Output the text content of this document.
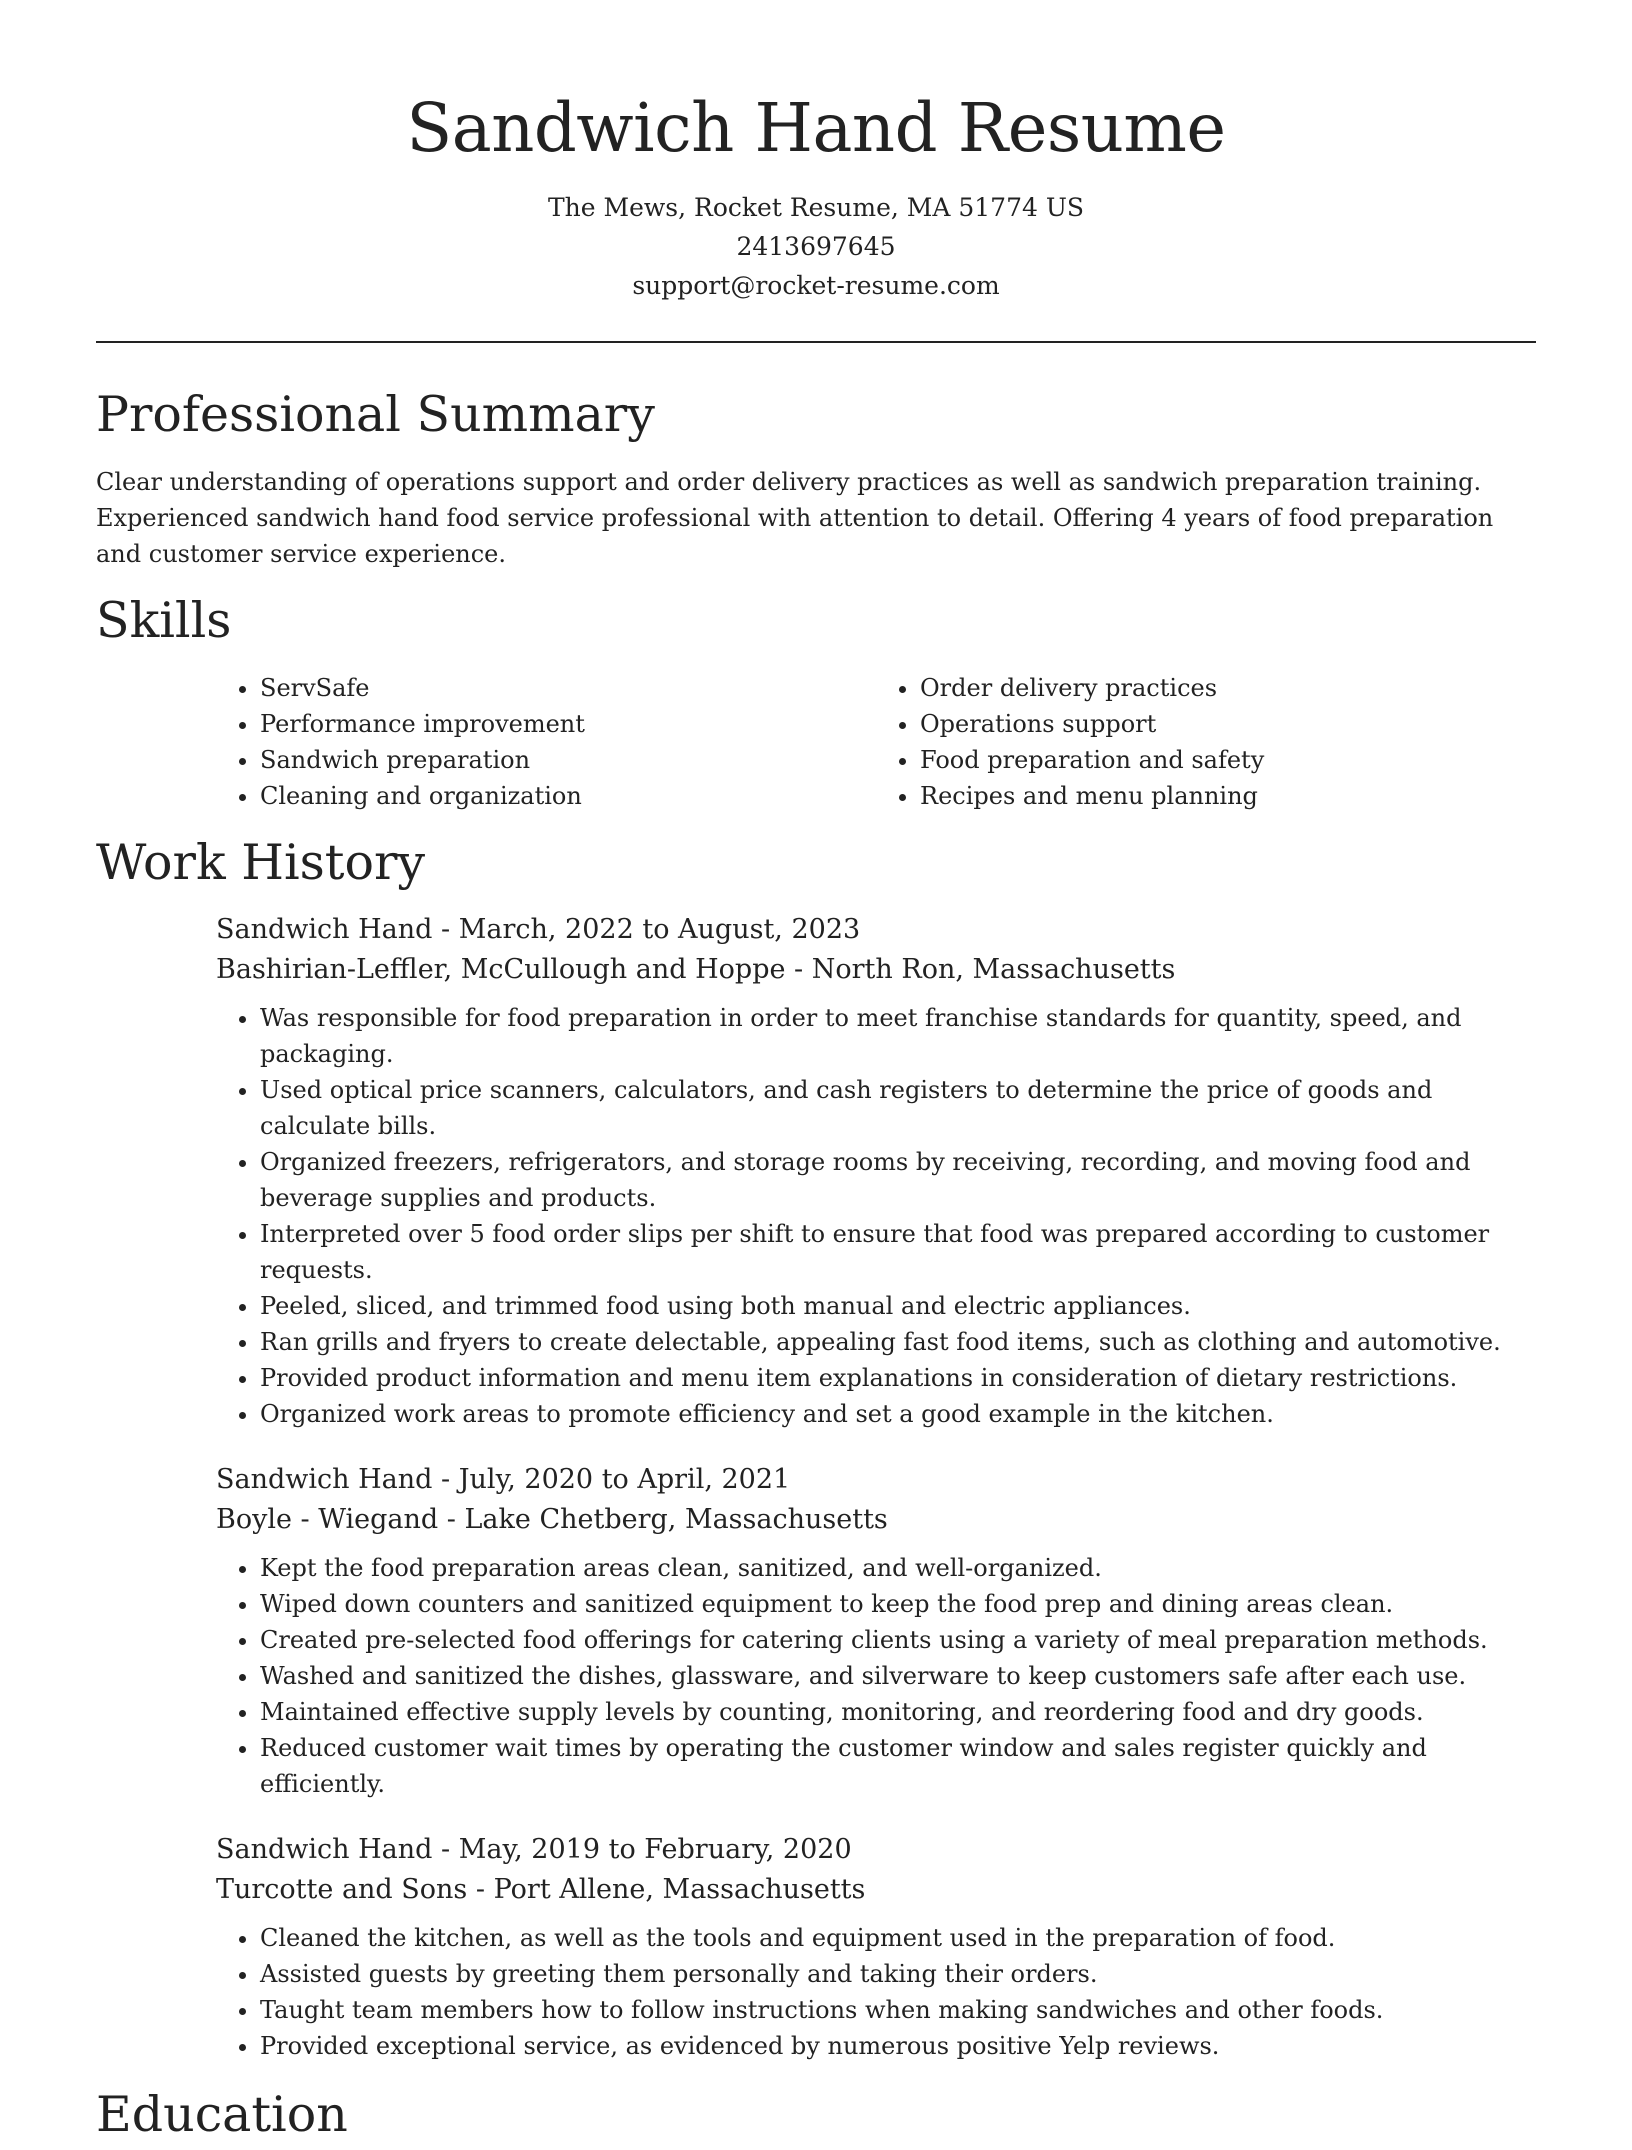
Sandwich Hand Resume
The Mews, Rocket Resume, MA 51774 US
2413697645
support@rocket-resume.com
Professional Summary

Clear understanding of operations support and order delivery practices as well as sandwich preparation training. Experienced sandwich hand food service professional with attention to detail. Offering 4 years of food preparation and customer service experience.

Skills
• ServSafe
• Performance improvement
• Sandwich preparation
• Cleaning and organization
• Order delivery practices
• Operations support
• Food preparation and safety
• Recipes and menu planning
Work History

Sandwich Hand - March, 2022 to August, 2023

Bashirian-Leffler, McCullough and Hoppe - North Ron, Massachusetts

• Was responsible for food preparation in order to meet franchise standards for quantity, speed, and packaging.
• Used optical price scanners, calculators, and cash registers to determine the price of goods and calculate bills.
• Organized freezers, refrigerators, and storage rooms by receiving, recording, and moving food and beverage supplies and products.
• Interpreted over 5 food order slips per shift to ensure that food was prepared according to customer requests.
• Peeled, sliced, and trimmed food using both manual and electric appliances.
• Ran grills and fryers to create delectable, appealing fast food items, such as clothing and automotive.
• Provided product information and menu item explanations in consideration of dietary restrictions.
• Organized work areas to promote efficiency and set a good example in the kitchen.

Sandwich Hand - July, 2020 to April, 2021

Boyle - Wiegand - Lake Chetberg, Massachusetts

• Kept the food preparation areas clean, sanitized, and well-organized.
• Wiped down counters and sanitized equipment to keep the food prep and dining areas clean.
• Created pre-selected food offerings for catering clients using a variety of meal preparation methods.
• Washed and sanitized the dishes, glassware, and silverware to keep customers safe after each use.
• Maintained effective supply levels by counting, monitoring, and reordering food and dry goods.
• Reduced customer wait times by operating the customer window and sales register quickly and efficiently.

Sandwich Hand - May, 2019 to February, 2020

Turcotte and Sons - Port Allene, Massachusetts

• Cleaned the kitchen, as well as the tools and equipment used in the preparation of food.
• Assisted guests by greeting them personally and taking their orders.
• Taught team members how to follow instructions when making sandwiches and other foods.
• Provided exceptional service, as evidenced by numerous positive Yelp reviews.
Education
